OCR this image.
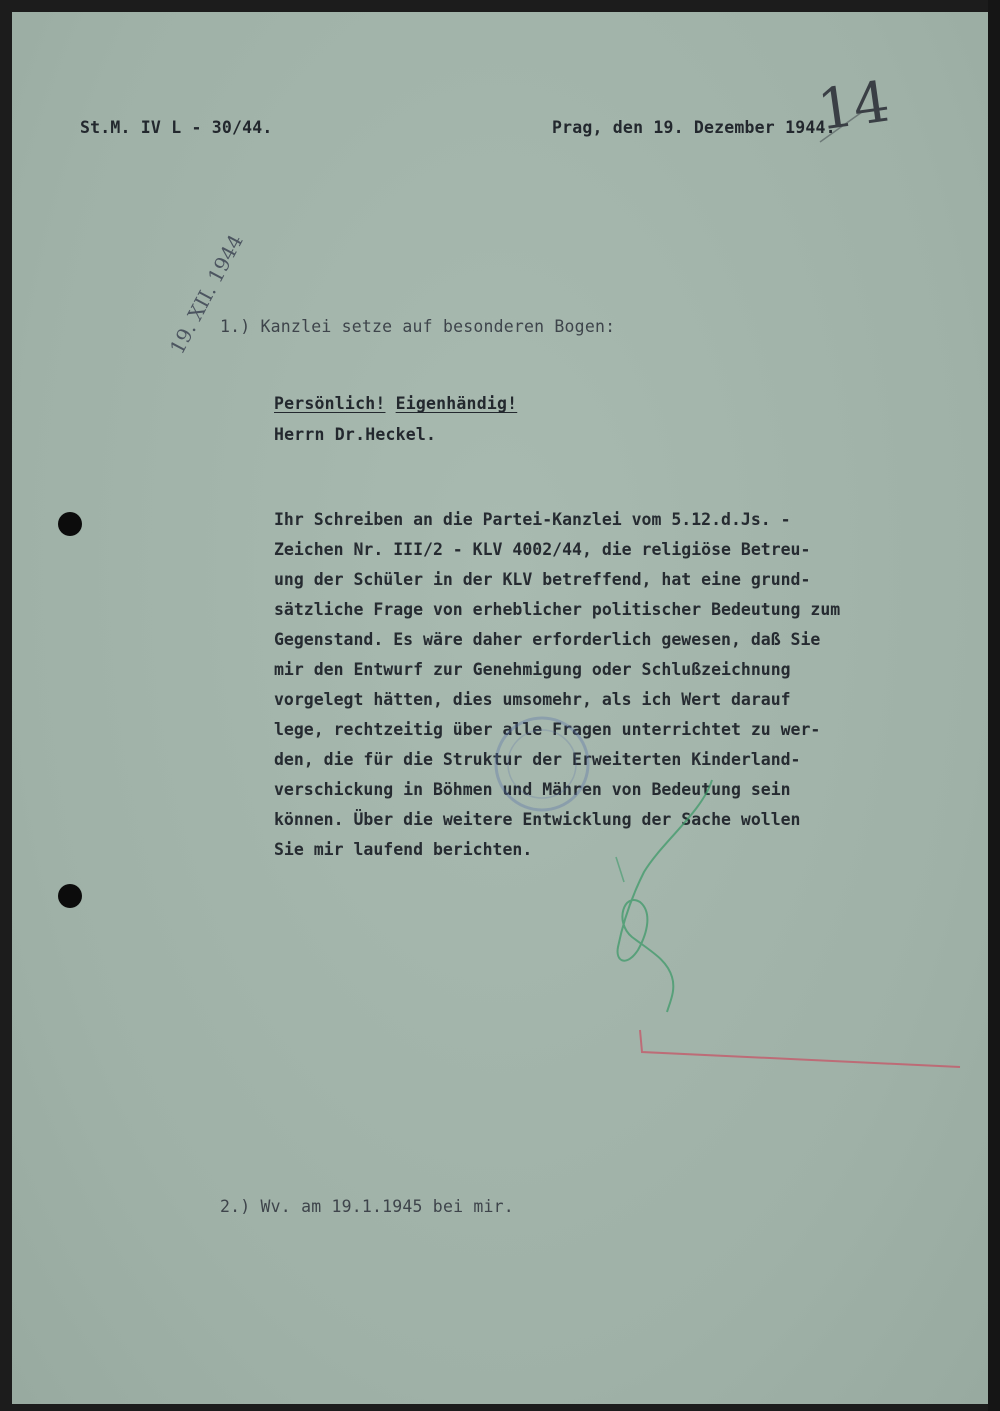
St.M. IV L - 30/44.	Prag, den 19. Dezember 1944.
14
19. XII. 1944
1.) Kanzlei setze auf besonderen Bogen:
Persönlich! Eigenhändig!
Herrn Dr.Heckel.
Ihr Schreiben an die Partei-Kanzlei vom 5.12.d.Js. -
Zeichen Nr. III/2 - KLV 4002/44, die religiöse Betreu-
ung der Schüler in der KLV betreffend, hat eine grund-
sätzliche Frage von erheblicher politischer Bedeutung zum
Gegenstand. Es wäre daher erforderlich gewesen, daß Sie
mir den Entwurf zur Genehmigung oder Schlußzeichnung
vorgelegt hätten, dies umsomehr, als ich Wert darauf
lege, rechtzeitig über alle Fragen unterrichtet zu wer-
den, die für die Struktur der Erweiterten Kinderland-
verschickung in Böhmen und Mähren von Bedeutung sein
können. Über die weitere Entwicklung der Sache wollen
Sie mir laufend berichten.
2.) Wv. am 19.1.1945 bei mir.
